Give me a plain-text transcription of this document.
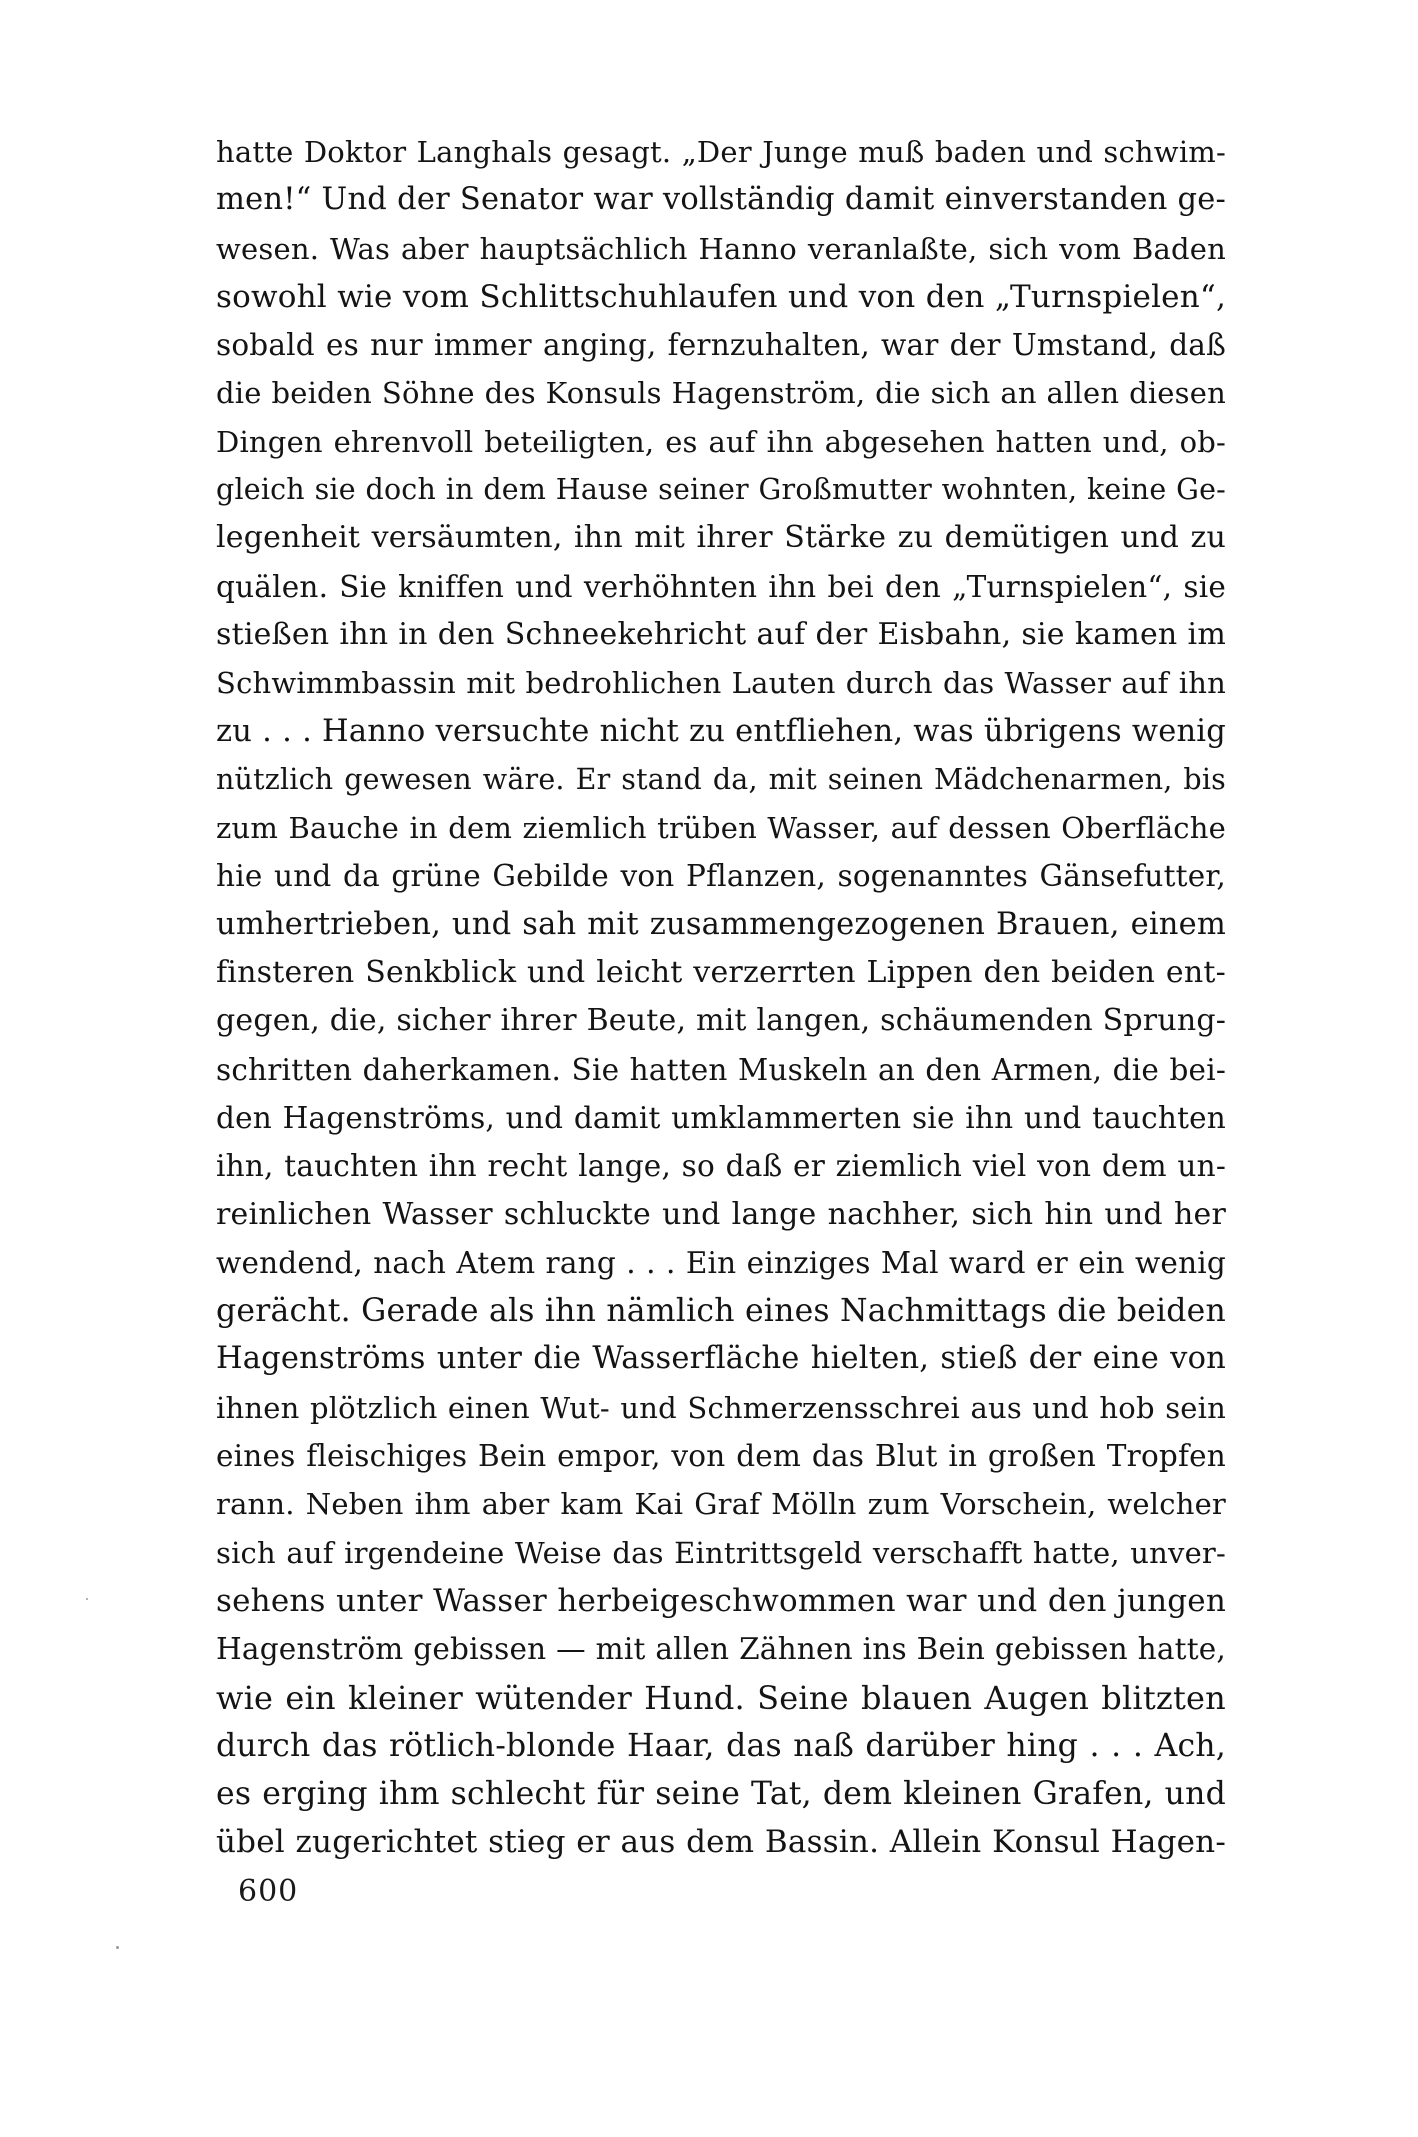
hatte Doktor Langhals gesagt. „Der Junge muß baden und schwim-
men!“ Und der Senator war vollständig damit einverstanden ge-
wesen. Was aber hauptsächlich Hanno veranlaßte, sich vom Baden
sowohl wie vom Schlittschuhlaufen und von den „Turnspielen“,
sobald es nur immer anging, fernzuhalten, war der Umstand, daß
die beiden Söhne des Konsuls Hagenström, die sich an allen diesen
Dingen ehrenvoll beteiligten, es auf ihn abgesehen hatten und, ob-
gleich sie doch in dem Hause seiner Großmutter wohnten, keine Ge-
legenheit versäumten, ihn mit ihrer Stärke zu demütigen und zu
quälen. Sie kniffen und verhöhnten ihn bei den „Turnspielen“, sie
stießen ihn in den Schneekehricht auf der Eisbahn, sie kamen im
Schwimmbassin mit bedrohlichen Lauten durch das Wasser auf ihn
zu . . . Hanno versuchte nicht zu entfliehen, was übrigens wenig
nützlich gewesen wäre. Er stand da, mit seinen Mädchenarmen, bis
zum Bauche in dem ziemlich trüben Wasser, auf dessen Oberfläche
hie und da grüne Gebilde von Pflanzen, sogenanntes Gänsefutter,
umhertrieben, und sah mit zusammengezogenen Brauen, einem
finsteren Senkblick und leicht verzerrten Lippen den beiden ent-
gegen, die, sicher ihrer Beute, mit langen, schäumenden Sprung-
schritten daherkamen. Sie hatten Muskeln an den Armen, die bei-
den Hagenströms, und damit umklammerten sie ihn und tauchten
ihn, tauchten ihn recht lange, so daß er ziemlich viel von dem un-
reinlichen Wasser schluckte und lange nachher, sich hin und her
wendend, nach Atem rang . . . Ein einziges Mal ward er ein wenig
gerächt. Gerade als ihn nämlich eines Nachmittags die beiden
Hagenströms unter die Wasserfläche hielten, stieß der eine von
ihnen plötzlich einen Wut- und Schmerzensschrei aus und hob sein
eines fleischiges Bein empor, von dem das Blut in großen Tropfen
rann. Neben ihm aber kam Kai Graf Mölln zum Vorschein, welcher
sich auf irgendeine Weise das Eintrittsgeld verschafft hatte, unver-
sehens unter Wasser herbeigeschwommen war und den jungen
Hagenström gebissen — mit allen Zähnen ins Bein gebissen hatte,
wie ein kleiner wütender Hund. Seine blauen Augen blitzten
durch das rötlich-blonde Haar, das naß darüber hing . . . Ach,
es erging ihm schlecht für seine Tat, dem kleinen Grafen, und
übel zugerichtet stieg er aus dem Bassin. Allein Konsul Hagen-
600
